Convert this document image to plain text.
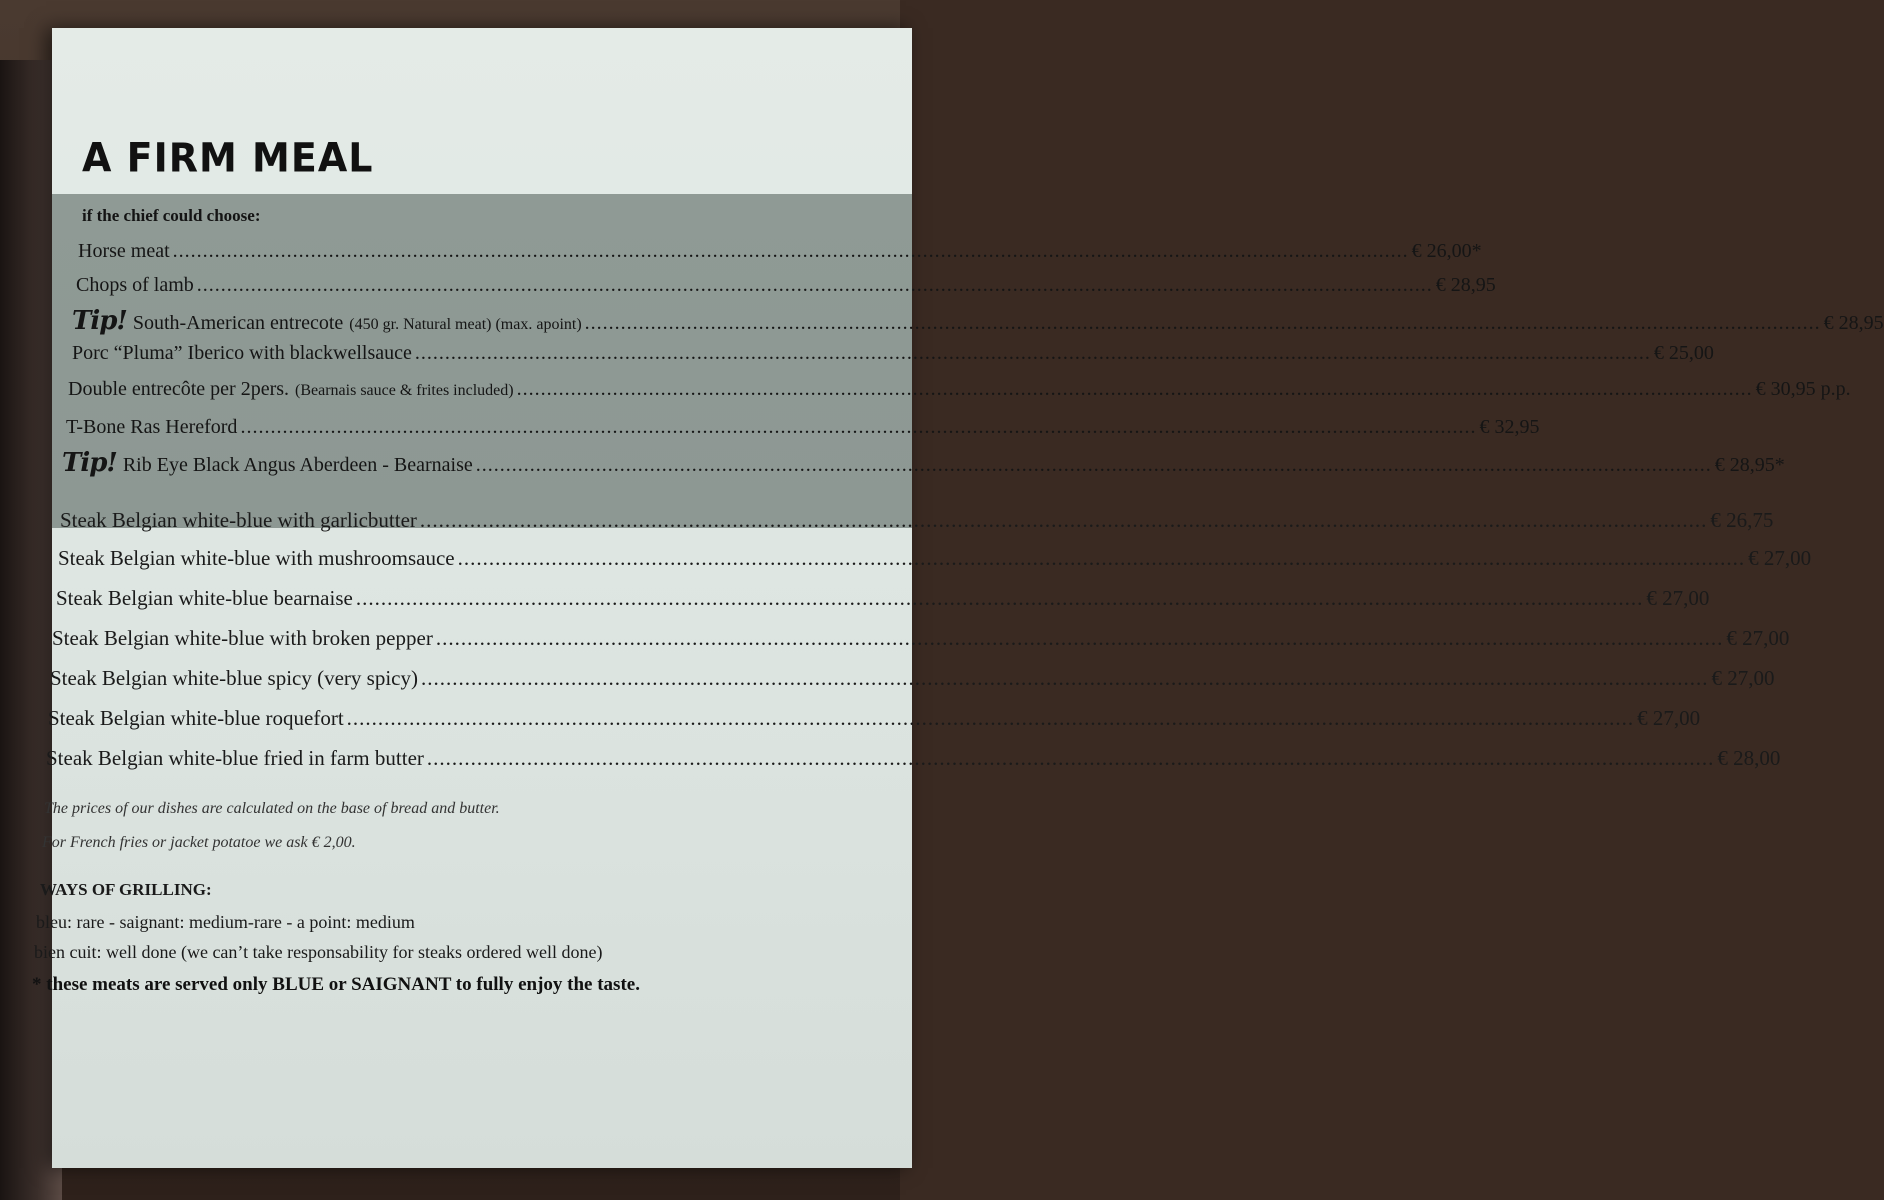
A FIRM MEAL
if the chief could choose:
Horse meat .....	€ 26,00*
Chops of lamb .....	€ 28,95
Tip! South-American entrecote (450 gr. Natural meat) (max. apoint) .....	€ 28,95
Porc “Pluma” Iberico with blackwellsauce .....	€ 25,00
Double entrecôte per 2pers. (Bearnais sauce & frites included) .....	€ 30,95 p.p.
T-Bone Ras Hereford .....	€ 32,95
Tip! Rib Eye Black Angus Aberdeen - Bearnaise .....	€ 28,95*
Steak Belgian white-blue with garlicbutter .....	€ 26,75
Steak Belgian white-blue with mushroomsauce .....	€ 27,00
Steak Belgian white-blue bearnaise .....	€ 27,00
Steak Belgian white-blue with broken pepper .....	€ 27,00
Steak Belgian white-blue spicy (very spicy) .....	€ 27,00
Steak Belgian white-blue roquefort .....	€ 27,00
Steak Belgian white-blue fried in farm butter .....	€ 28,00
The prices of our dishes are calculated on the base of bread and butter.
For French fries or jacket potatoe we ask € 2,00.
WAYS OF GRILLING:
bleu: rare - saignant: medium-rare - a point: medium
bien cuit: well done (we can’t take responsability for steaks ordered well done)
* these meats are served only BLUE or SAIGNANT to fully enjoy the taste.
